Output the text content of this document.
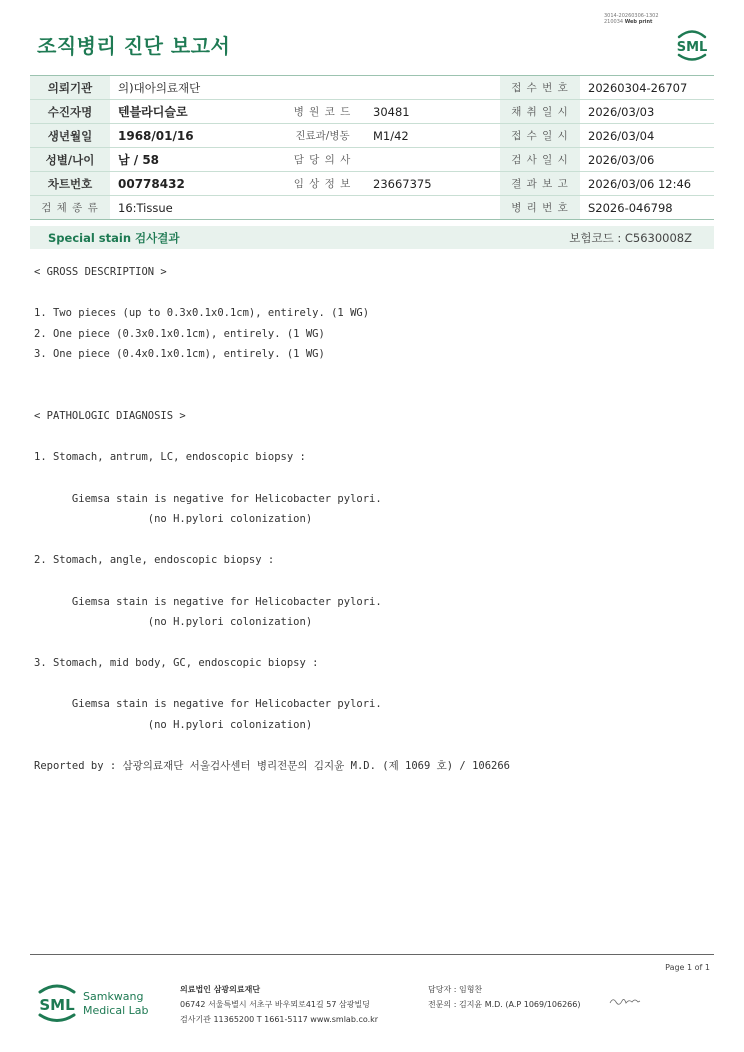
3014-20260306-1302
210034 Web print
조직병리 진단 보고서	SML
의뢰기관	의)대아의료재단			접 수 번 호	20260304-26707
수진자명	텐블라디슬로	병 원 코 드	30481	채 취 일 시	2026/03/03
생년월일	1968/01/16	진료과/병동	M1/42	접 수 일 시	2026/03/04
성별/나이	남 / 58	담 당 의 사		검 사 일 시	2026/03/06
차트번호	00778432	임 상 정 보	23667375	결 과 보 고	2026/03/06 12:46
검 체 종 류	16:Tissue			병 리 번 호	S2026-046798
Special stain 검사결과	보험코드 : C5630008Z
< GROSS DESCRIPTION >
1. Two pieces (up to 0.3x0.1x0.1cm), entirely. (1 WG)
2. One piece (0.3x0.1x0.1cm), entirely. (1 WG)
3. One piece (0.4x0.1x0.1cm), entirely. (1 WG)
< PATHOLOGIC DIAGNOSIS >
1. Stomach, antrum, LC, endoscopic biopsy :
Giemsa stain is negative for Helicobacter pylori.
(no H.pylori colonization)
2. Stomach, angle, endoscopic biopsy :
Giemsa stain is negative for Helicobacter pylori.
(no H.pylori colonization)
3. Stomach, mid body, GC, endoscopic biopsy :
Giemsa stain is negative for Helicobacter pylori.
(no H.pylori colonization)
Reported by : 삼광의료재단 서울검사센터 병리전문의 김지윤 M.D. (제 1069 호) / 106266
Page 1 of 1
SML Samkwang
Medical Lab
의료법인 삼광의료재단
06742 서울특별시 서초구 바우뫼로41길 57 삼광빌딩
검사기관 11365200 T 1661-5117 www.smlab.co.kr
담당자 : 임형찬
전문의 : 김지윤 M.D. (A.P 1069/106266)
